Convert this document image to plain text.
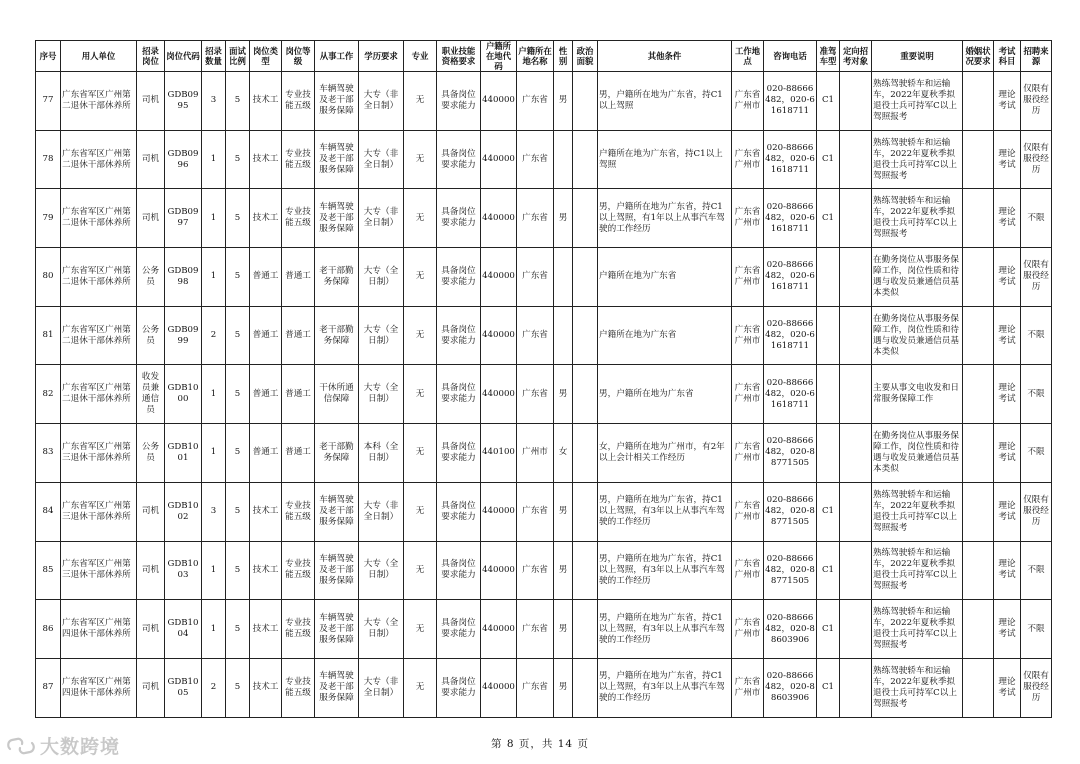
序号	用人单位	招录岗位	岗位代码	招录数量	面试比例	岗位类型	岗位等级	从事工作	学历要求	专业	职业技能资格要求	户籍所在地代码	户籍所在地名称	性别	政治面貌	其他条件	工作地点	咨询电话	准驾车型	定向招考对象	重要说明	婚姻状况要求	考试科目	招聘来源
77	广东省军区广州第二退休干部休养所	司机	GDB0995	3	5	技术工	专业技能五级	车辆驾驶及老干部服务保障	大专（非全日制）	无	具备岗位要求能力	440000	广东省	男		男，户籍所在地为广东省，持C1以上驾照	广东省广州市	020-88666482，020-61618711	C1		熟练驾驶轿车和运输车，2022年夏秋季拟退役士兵可持军C以上驾照报考		理论考试	仅限有服役经历
78	广东省军区广州第二退休干部休养所	司机	GDB0996	1	5	技术工	专业技能五级	车辆驾驶及老干部服务保障	大专（非全日制）	无	具备岗位要求能力	440000	广东省			户籍所在地为广东省，持C1以上驾照	广东省广州市	020-88666482，020-61618711	C1		熟练驾驶轿车和运输车，2022年夏秋季拟退役士兵可持军C以上驾照报考		理论考试	仅限有服役经历
79	广东省军区广州第二退休干部休养所	司机	GDB0997	1	5	技术工	专业技能五级	车辆驾驶及老干部服务保障	大专（非全日制）	无	具备岗位要求能力	440000	广东省	男		男，户籍所在地为广东省，持C1以上驾照，有1年以上从事汽车驾驶的工作经历	广东省广州市	020-88666482，020-61618711	C1		熟练驾驶轿车和运输车，2022年夏秋季拟退役士兵可持军C以上驾照报考		理论考试	不限
80	广东省军区广州第二退休干部休养所	公务员	GDB0998	1	5	普通工	普通工	老干部勤务保障	大专（全日制）	无	具备岗位要求能力	440000	广东省			户籍所在地为广东省	广东省广州市	020-88666482，020-61618711			在勤务岗位从事服务保障工作，岗位性质和待遇与收发员兼通信员基本类似		理论考试	仅限有服役经历
81	广东省军区广州第二退休干部休养所	公务员	GDB0999	2	5	普通工	普通工	老干部勤务保障	大专（全日制）	无	具备岗位要求能力	440000	广东省			户籍所在地为广东省	广东省广州市	020-88666482，020-61618711			在勤务岗位从事服务保障工作，岗位性质和待遇与收发员兼通信员基本类似		理论考试	不限
82	广东省军区广州第二退休干部休养所	收发员兼通信员	GDB1000	1	5	普通工	普通工	干休所通信保障	大专（全日制）	无	具备岗位要求能力	440000	广东省	男		男，户籍所在地为广东省	广东省广州市	020-88666482，020-61618711			主要从事文电收发和日常服务保障工作		理论考试	不限
83	广东省军区广州第三退休干部休养所	公务员	GDB1001	1	5	普通工	普通工	老干部勤务保障	本科（全日制）	无	具备岗位要求能力	440100	广州市	女		女，户籍所在地为广州市，有2年以上会计相关工作经历	广东省广州市	020-88666482，020-88771505			在勤务岗位从事服务保障工作，岗位性质和待遇与收发员兼通信员基本类似		理论考试	不限
84	广东省军区广州第三退休干部休养所	司机	GDB1002	3	5	技术工	专业技能五级	车辆驾驶及老干部服务保障	大专（非全日制）	无	具备岗位要求能力	440000	广东省	男		男，户籍所在地为广东省，持C1以上驾照，有3年以上从事汽车驾驶的工作经历	广东省广州市	020-88666482，020-88771505	C1		熟练驾驶轿车和运输车，2022年夏秋季拟退役士兵可持军C以上驾照报考		理论考试	仅限有服役经历
85	广东省军区广州第三退休干部休养所	司机	GDB1003	1	5	技术工	专业技能五级	车辆驾驶及老干部服务保障	大专（全日制）	无	具备岗位要求能力	440000	广东省	男		男，户籍所在地为广东省，持C1以上驾照，有3年以上从事汽车驾驶的工作经历	广东省广州市	020-88666482，020-88771505	C1		熟练驾驶轿车和运输车，2022年夏秋季拟退役士兵可持军C以上驾照报考		理论考试	不限
86	广东省军区广州第四退休干部休养所	司机	GDB1004	1	5	技术工	专业技能五级	车辆驾驶及老干部服务保障	大专（全日制）	无	具备岗位要求能力	440000	广东省	男		男，户籍所在地为广东省，持C1以上驾照，有3年以上从事汽车驾驶的工作经历	广东省广州市	020-88666482，020-88603906	C1		熟练驾驶轿车和运输车，2022年夏秋季拟退役士兵可持军C以上驾照报考		理论考试	不限
87	广东省军区广州第四退休干部休养所	司机	GDB1005	2	5	技术工	专业技能五级	车辆驾驶及老干部服务保障	大专（非全日制）	无	具备岗位要求能力	440000	广东省	男		男，户籍所在地为广东省，持C1以上驾照，有3年以上从事汽车驾驶的工作经历	广东省广州市	020-88666482，020-88603906	C1		熟练驾驶轿车和运输车，2022年夏秋季拟退役士兵可持军C以上驾照报考		理论考试	仅限有服役经历
第 8 页，共 14 页
大数跨境
